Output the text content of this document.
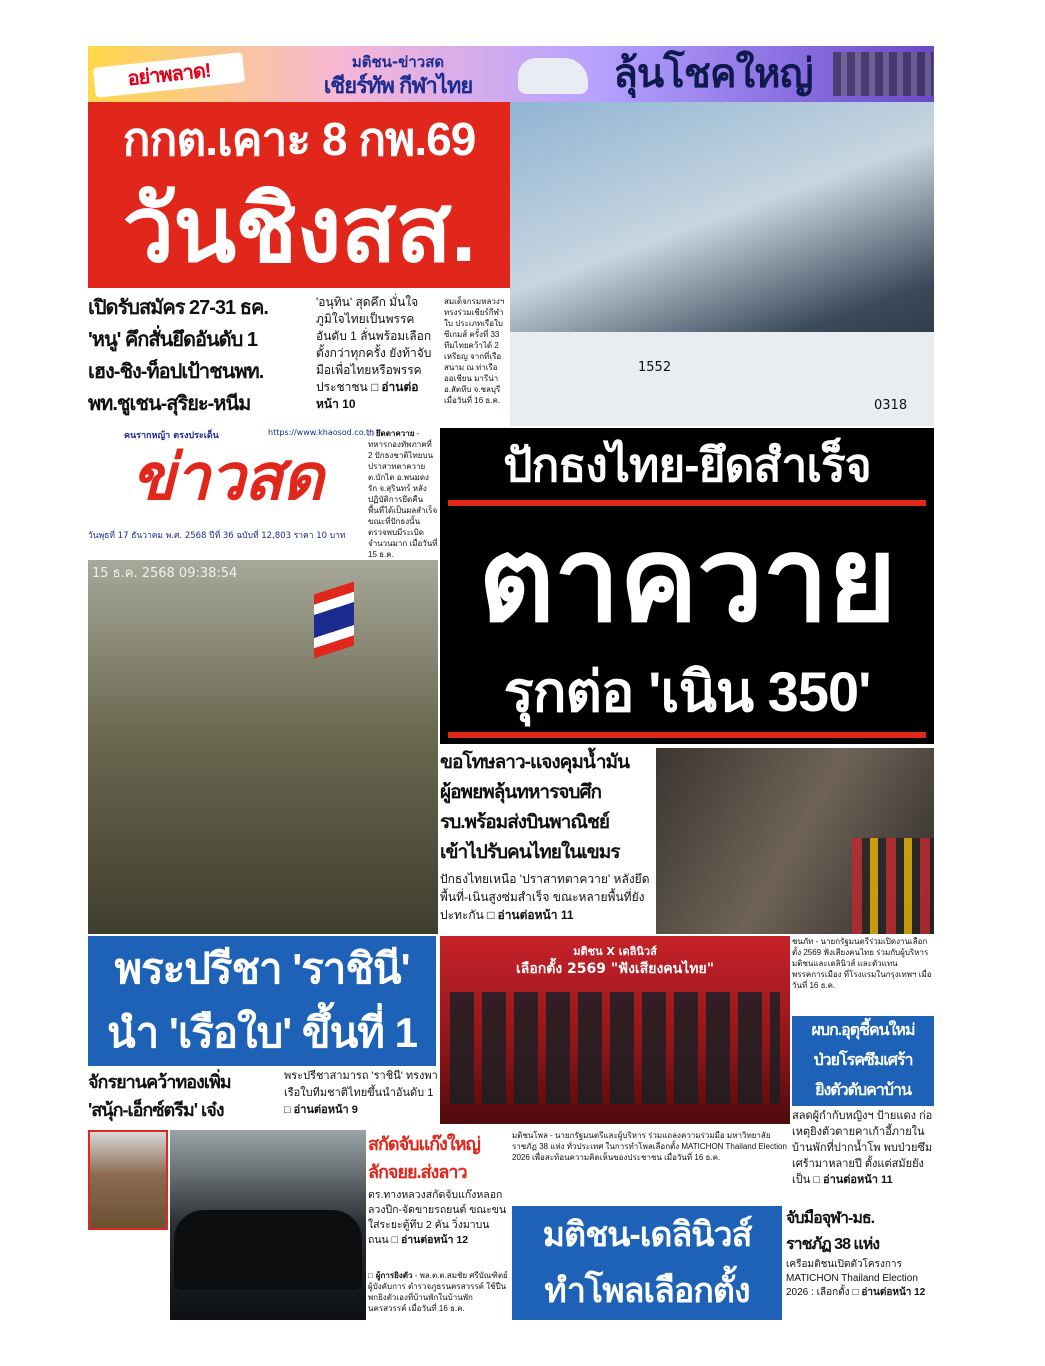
อย่าพลาด!	มติชน-ข่าวสด
เชียร์ทัพ กีฬาไทย	ลุ้นโชคใหญ่	ตั้งแต่
วันนี้
ถึง 18 ธ.ค.
2568
กกต.เคาะ 8 กพ.69
วันชิงสส.
1552
0318
เปิดรับสมัคร 27-31 ธค.
'หนู' คึกสั่นยึดอันดับ 1
เฮง-ชิง-ท็อปเป้าชนพท.
พท.ชูเชน-สุริยะ-หนีม
'อนุทิน' สุดคึก มั่นใจภูมิใจไทยเป็นพรรคอันดับ 1 ลั่นพร้อมเลือกตั้งกว่าทุกครั้ง ยังท้าจับมือเพื่อไทยหรือพรรคประชาชน □ อ่านต่อหน้า 10
สมเด็จกรมหลวงฯ ทรงร่วมเชียร์กีฬาใบ ประเภทเรือใบซีเกมส์ ครั้งที่ 33 ทีมไทยคว้าได้ 2 เหรียญ จากที่เรือสนาม ณ ท่าเรือ ออเชียน มารีน่า อ.สัตหีบ จ.ชลบุรี เมื่อวันที่ 16 ธ.ค.
คนรากหญ้า ตรงประเด็น	https://www.khaosod.co.th
ข่าวสด
วันพุธที่ 17 ธันวาคม พ.ศ. 2568 ปีที่ 36 ฉบับที่ 12,803 ราคา 10 บาท
□ ยึดตาควาย - ทหารกองทัพภาคที่ 2 ปักธงชาติไทยบนปราสาทตาควาย ต.บักได อ.พนมดงรัก จ.สุรินทร์ หลังปฏิบัติการยึดคืนพื้นที่ได้เป็นผลสำเร็จ ขณะที่ปักธงนั้น ตรวจพบมีระเบิดจำนวนมาก เมื่อวันที่ 15 ธ.ค.
ปักธงไทย-ยึดสำเร็จ
ตาควาย
รุกต่อ 'เนิน 350'
15 ธ.ค. 2568 09:38:54
ขอโทษลาว-แจงคุมน้ำมัน
ผู้อพยพลุ้นทหารจบศึก
รบ.พร้อมส่งบินพาณิชย์
เข้าไปรับคนไทยในเขมร
ปักธงไทยเหนือ 'ปราสาทตาควาย' หลังยึดพื้นที่-เนินสูงซ่มสำเร็จ ขณะหลายพื้นที่ยังปะทะกัน □ อ่านต่อหน้า 11
พระปรีชา 'ราชินี'
นำ 'เรือใบ' ขึ้นที่ 1
จักรยานคว้าทองเพิ่ม
'สนุ้ก-เอ็กซ์ตรีม' เจ๋ง
พระปรีชาสามารถ 'ราชินี' ทรงพาเรือใบทีมชาติไทยขึ้นนำอันดับ 1 □ อ่านต่อหน้า 9
มติชน X เดลินิวส์
เลือกตั้ง 2569 "ฟังเสียงคนไทย"
ชนภัท - นายกรัฐมนตรีร่วมเปิดงานเลือกตั้ง 2569 ฟังเสียงคนไทย ร่วมกับผู้บริหารมติชนและเดลินิวส์ และตัวแทนพรรคการเมือง ที่โรงแรมในกรุงเทพฯ เมื่อวันที่ 16 ธ.ค.
ผบก.อุตุชี้คนใหม่
ป่วยโรคซึมเศร้า
ยิงตัวดับคาบ้าน
สลดผู้กำกับหญิงฯ ป้ายแดง ก่อเหตุยิงตัวตายคาเก้าอี้ภายในบ้านพักที่ปากน้ำโพ พบป่วยซึมเศร้ามาหลายปี ตั้งแต่สมัยยังเป็น □ อ่านต่อหน้า 11
สกัดจับแก๊งใหญ่
ลักจยย.ส่งลาว
ตร.ทางหลวงสกัดจับแก๊งหลอกลวงปีก-จัดขายรถยนต์ ขณะขนใส่ระยะตู้ทึบ 2 คัน วิ่งมาบนถนน □ อ่านต่อหน้า 12
□ ผู้การยิงตัว - พล.ต.ต.สมชัย ศรีบัณฑิตย์ ผู้บังคับการ ตำรวจภูธรนครสวรรค์ ใช้ปืนพกยิงตัวเองที่บ้านพักในบ้านพักนครสวรรค์ เมื่อวันที่ 16 ธ.ค.
มติชนโพล - นายกรัฐมนตรีและผู้บริหาร ร่วมแถลงความร่วมมือ มหาวิทยาลัยราชภัฏ 38 แห่ง ทั่วประเทศ ในการทำโพลเลือกตั้ง MATICHON Thailand Election 2026 เพื่อสะท้อนความคิดเห็นของประชาชน เมื่อวันที่ 16 ธ.ค.
มติชน-เดลินิวส์
ทำโพลเลือกตั้ง
จับมือจุฬา-มธ.
ราชภัฏ 38 แห่ง
เครือมติชนเปิดตัวโครงการ MATICHON Thailand Election 2026 : เลือกตั้ง □ อ่านต่อหน้า 12
